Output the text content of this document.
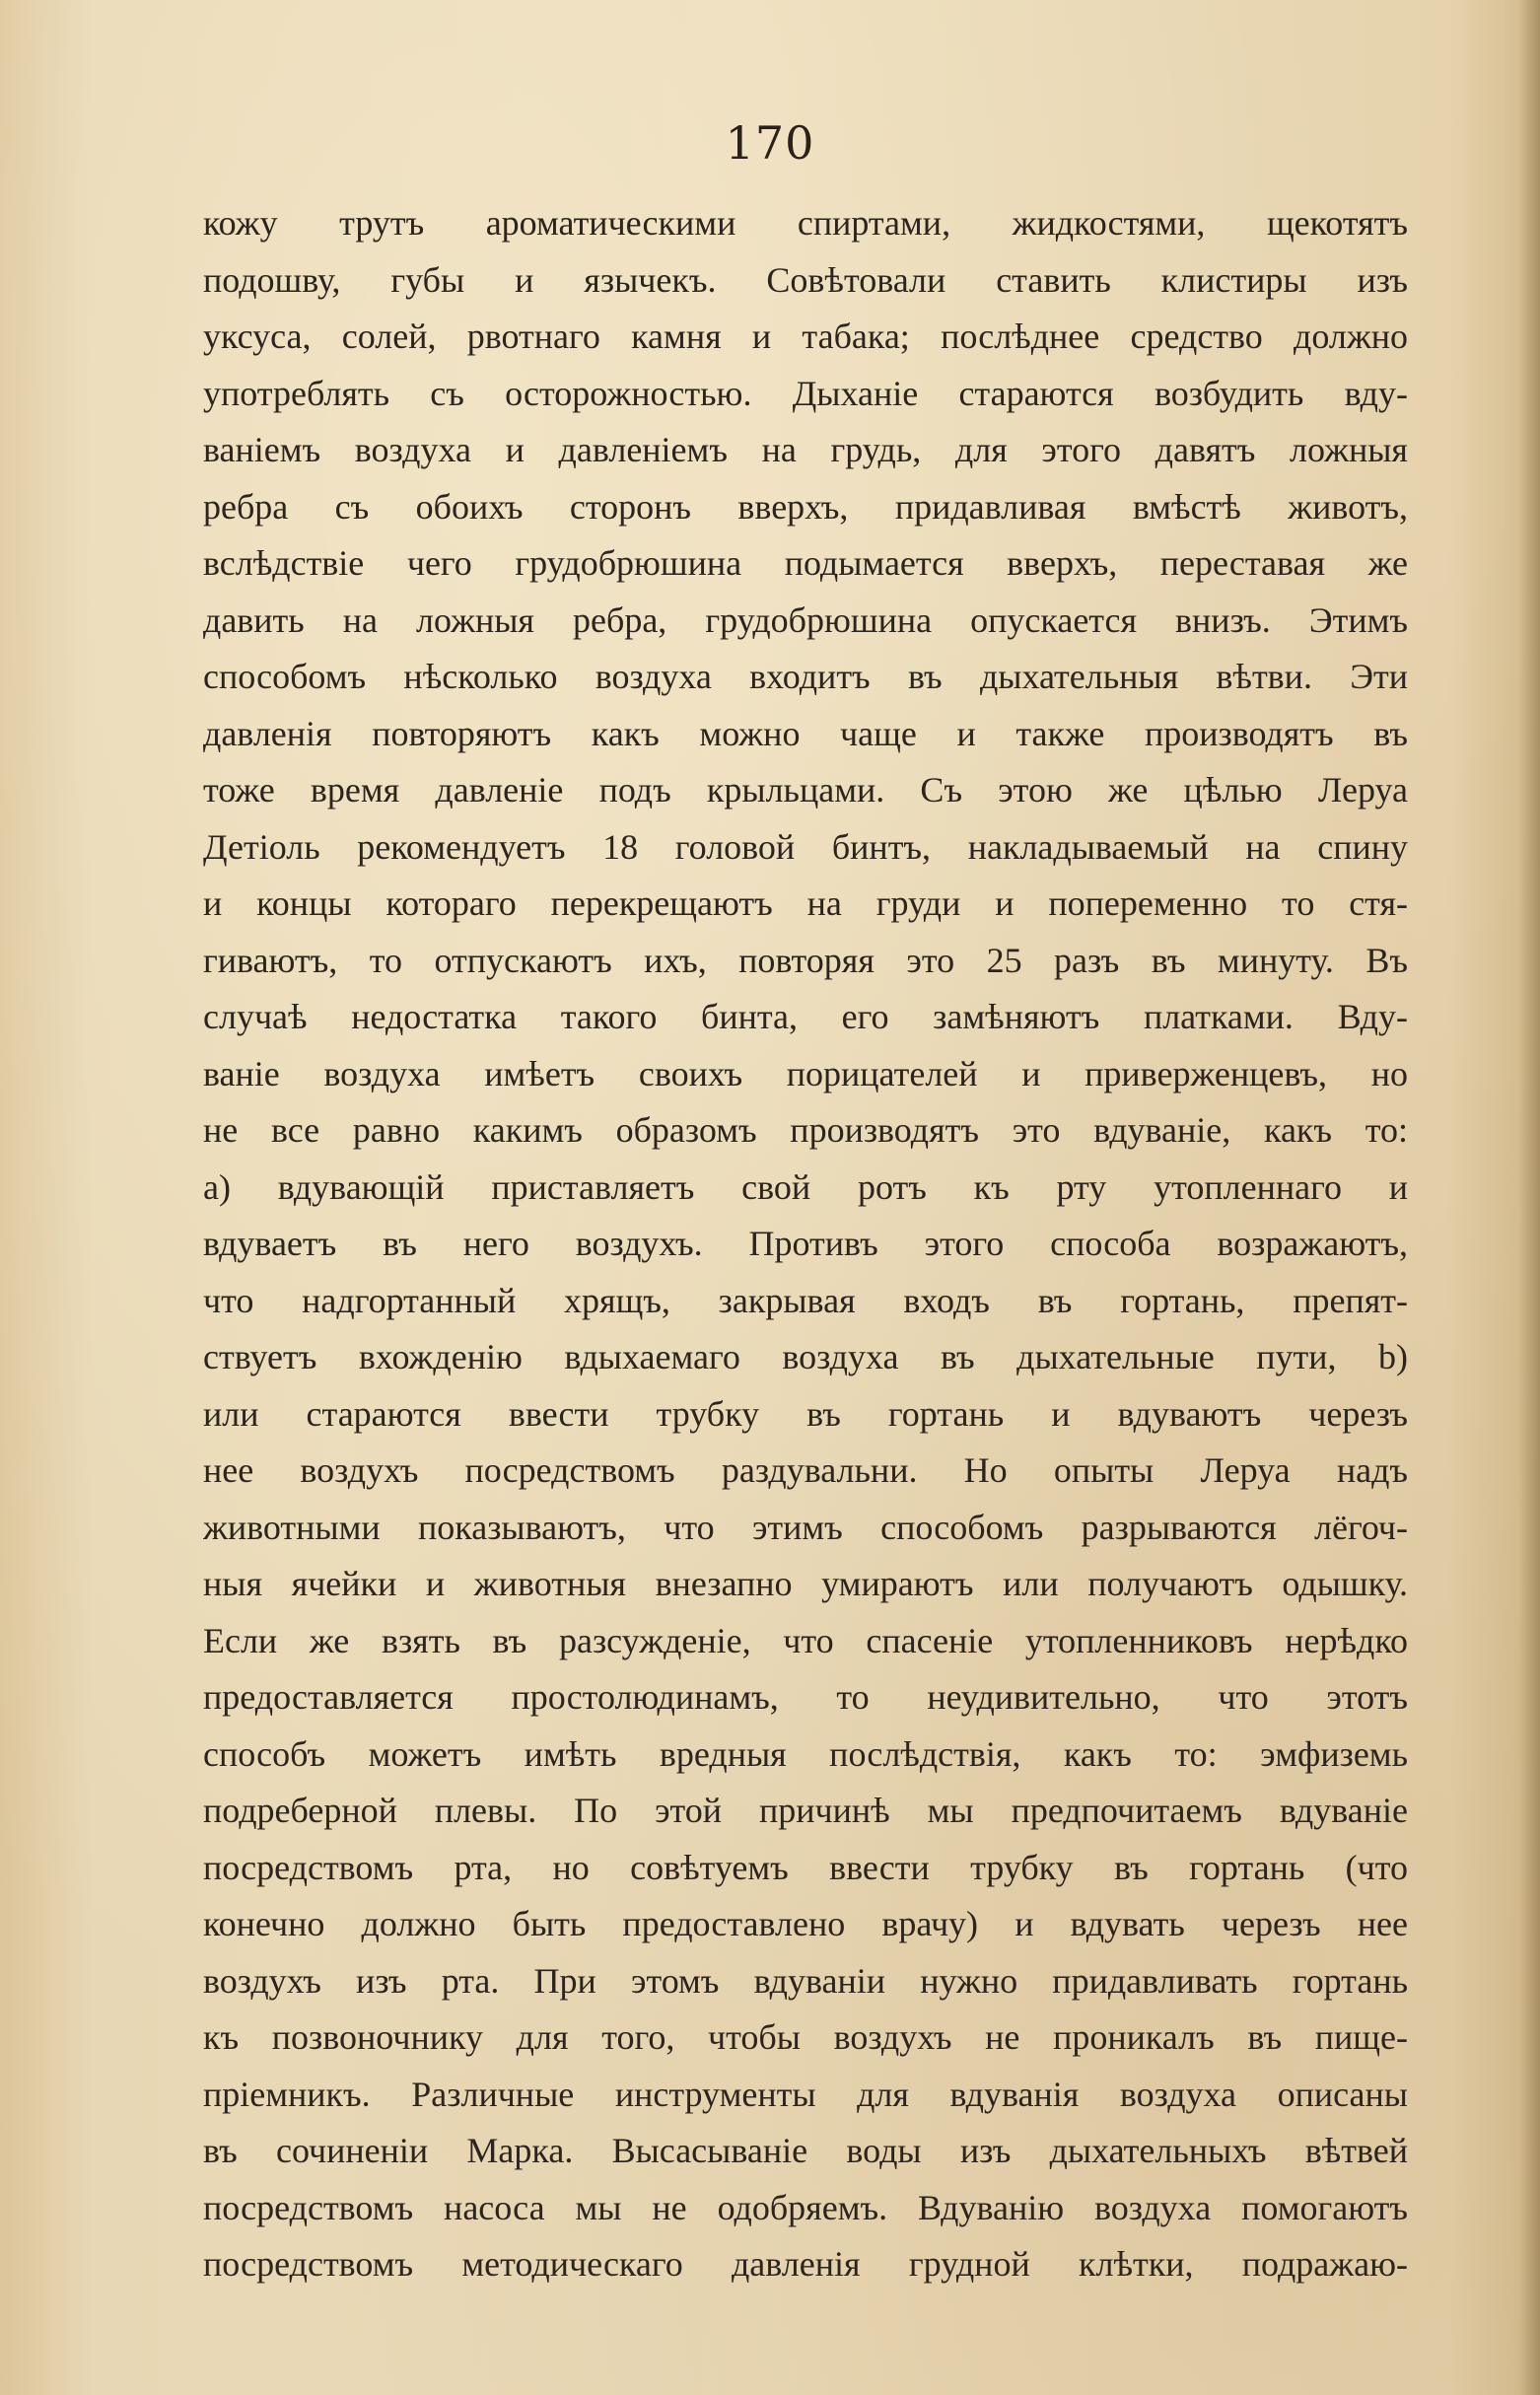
170
кожу трутъ ароматическими спиртами, жидкостями, щекотятъ
подошву, губы и язычекъ. Совѣтовали ставить клистиры изъ
уксуса, солей, рвотнаго камня и табака; послѣднее средство должно
употреблять съ осторожностью. Дыханіе стараются возбудить вду-
ваніемъ воздуха и давленіемъ на грудь, для этого давятъ ложныя
ребра съ обоихъ сторонъ вверхъ, придавливая вмѣстѣ животъ,
вслѣдствіе чего грудобрюшина подымается вверхъ, переставая же
давить на ложныя ребра, грудобрюшина опускается внизъ. Этимъ
способомъ нѣсколько воздуха входитъ въ дыхательныя вѣтви. Эти
давленія повторяютъ какъ можно чаще и также производятъ въ
тоже время давленіе подъ крыльцами. Съ этою же цѣлью Леруа
Детіоль рекомендуетъ 18 головой бинтъ, накладываемый на спину
и концы котораго перекрещаютъ на груди и попеременно то стя-
гиваютъ, то отпускаютъ ихъ, повторяя это 25 разъ въ минуту. Въ
случаѣ недостатка такого бинта, его замѣняютъ платками. Вду-
ваніе воздуха имѣетъ своихъ порицателей и приверженцевъ, но
не все равно какимъ образомъ производятъ это вдуваніе, какъ то:
а) вдувающій приставляетъ свой ротъ къ рту утопленнаго и
вдуваетъ въ него воздухъ. Противъ этого способа возражаютъ,
что надгортанный хрящъ, закрывая входъ въ гортань, препят-
ствуетъ вхожденію вдыхаемаго воздуха въ дыхательные пути, b)
или стараются ввести трубку въ гортань и вдуваютъ черезъ
нее воздухъ посредствомъ раздувальни. Но опыты Леруа надъ
животными показываютъ, что этимъ способомъ разрываются лёгоч-
ныя ячейки и животныя внезапно умираютъ или получаютъ одышку.
Если же взять въ разсужденіе, что спасеніе утопленниковъ нерѣдко
предоставляется простолюдинамъ, то неудивительно, что этотъ
способъ можетъ имѣть вредныя послѣдствія, какъ то: эмфиземь
подреберной плевы. По этой причинѣ мы предпочитаемъ вдуваніе
посредствомъ рта, но совѣтуемъ ввести трубку въ гортань (что
конечно должно быть предоставлено врачу) и вдувать черезъ нее
воздухъ изъ рта. При этомъ вдуваніи нужно придавливать гортань
къ позвоночнику для того, чтобы воздухъ не проникалъ въ пище-
пріемникъ. Различные инструменты для вдуванія воздуха описаны
въ сочиненіи Марка. Высасываніе воды изъ дыхательныхъ вѣтвей
посредствомъ насоса мы не одобряемъ. Вдуванію воздуха помогаютъ
посредствомъ методическаго давленія грудной клѣтки, подражаю-
